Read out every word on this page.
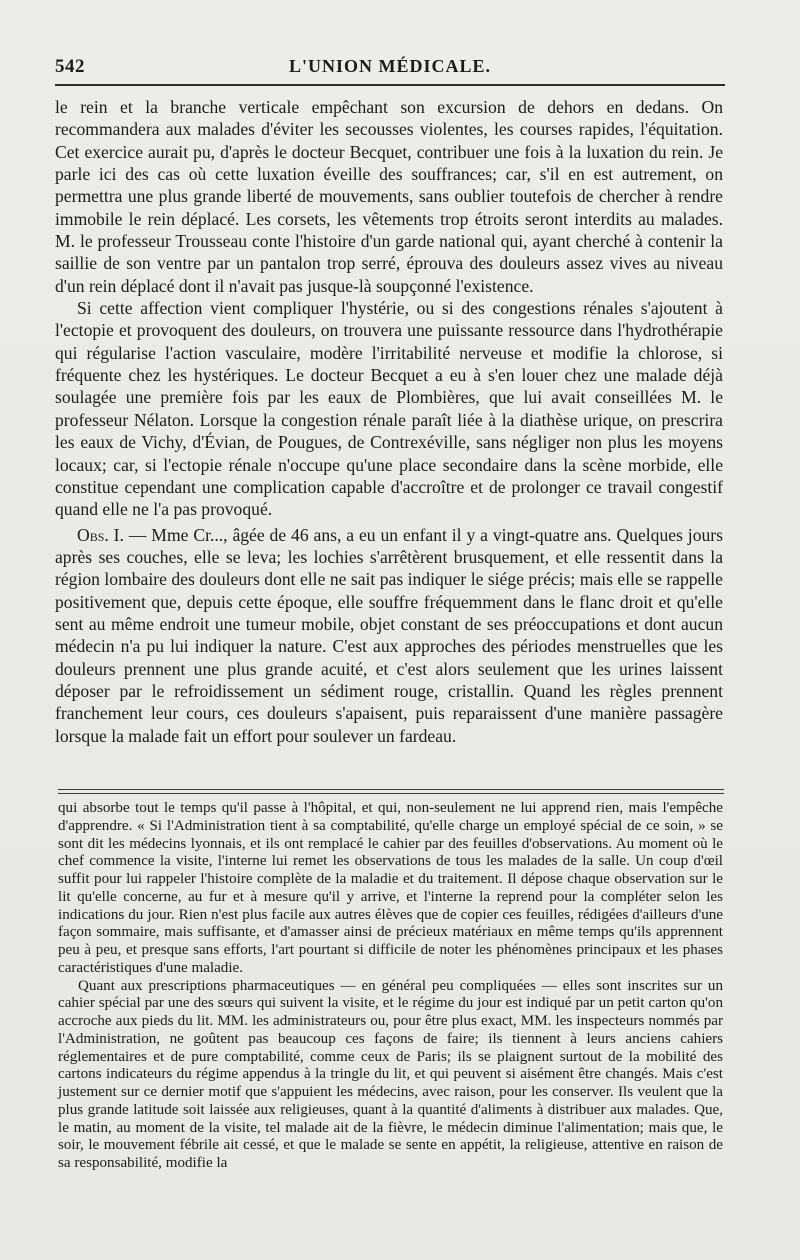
542	L'UNION MÉDICALE.

le rein et la branche verticale empêchant son excursion de dehors en dedans. On recommandera aux malades d'éviter les secousses violentes, les courses rapides, l'équitation. Cet exercice aurait pu, d'après le docteur Becquet, contribuer une fois à la luxation du rein. Je parle ici des cas où cette luxation éveille des souffrances; car, s'il en est autrement, on permettra une plus grande liberté de mouvements, sans oublier toutefois de chercher à rendre immobile le rein déplacé. Les corsets, les vêtements trop étroits seront interdits au malades. M. le professeur Trousseau conte l'histoire d'un garde national qui, ayant cherché à contenir la saillie de son ventre par un pantalon trop serré, éprouva des douleurs assez vives au niveau d'un rein déplacé dont il n'avait pas jusque-là soupçonné l'existence.

Si cette affection vient compliquer l'hystérie, ou si des congestions rénales s'ajoutent à l'ectopie et provoquent des douleurs, on trouvera une puissante ressource dans l'hydrothérapie qui régularise l'action vasculaire, modère l'irritabilité nerveuse et modifie la chlorose, si fréquente chez les hystériques. Le docteur Becquet a eu à s'en louer chez une malade déjà soulagée une première fois par les eaux de Plombières, que lui avait conseillées M. le professeur Nélaton. Lorsque la congestion rénale paraît liée à la diathèse urique, on prescrira les eaux de Vichy, d'Évian, de Pougues, de Contrexéville, sans négliger non plus les moyens locaux; car, si l'ectopie rénale n'occupe qu'une place secondaire dans la scène morbide, elle constitue cependant une complication capable d'accroître et de prolonger ce travail congestif quand elle ne l'a pas provoqué.

Obs. I. — Mme Cr..., âgée de 46 ans, a eu un enfant il y a vingt-quatre ans. Quelques jours après ses couches, elle se leva; les lochies s'arrêtèrent brusquement, et elle ressentit dans la région lombaire des douleurs dont elle ne sait pas indiquer le siége précis; mais elle se rappelle positivement que, depuis cette époque, elle souffre fréquemment dans le flanc droit et qu'elle sent au même endroit une tumeur mobile, objet constant de ses préoccupations et dont aucun médecin n'a pu lui indiquer la nature. C'est aux approches des périodes menstruelles que les douleurs prennent une plus grande acuité, et c'est alors seulement que les urines laissent déposer par le refroidissement un sédiment rouge, cristallin. Quand les règles prennent franchement leur cours, ces douleurs s'apaisent, puis reparaissent d'une manière passagère lorsque la malade fait un effort pour soulever un fardeau.

qui absorbe tout le temps qu'il passe à l'hôpital, et qui, non-seulement ne lui apprend rien, mais l'empêche d'apprendre. « Si l'Administration tient à sa comptabilité, qu'elle charge un employé spécial de ce soin, » se sont dit les médecins lyonnais, et ils ont remplacé le cahier par des feuilles d'observations. Au moment où le chef commence la visite, l'interne lui remet les observations de tous les malades de la salle. Un coup d'œil suffit pour lui rappeler l'histoire complète de la maladie et du traitement. Il dépose chaque observation sur le lit qu'elle concerne, au fur et à mesure qu'il y arrive, et l'interne la reprend pour la compléter selon les indications du jour. Rien n'est plus facile aux autres élèves que de copier ces feuilles, rédigées d'ailleurs d'une façon sommaire, mais suffisante, et d'amasser ainsi de précieux matériaux en même temps qu'ils apprennent peu à peu, et presque sans efforts, l'art pourtant si difficile de noter les phénomènes principaux et les phases caractéristiques d'une maladie.

Quant aux prescriptions pharmaceutiques — en général peu compliquées — elles sont inscrites sur un cahier spécial par une des sœurs qui suivent la visite, et le régime du jour est indiqué par un petit carton qu'on accroche aux pieds du lit. MM. les administrateurs ou, pour être plus exact, MM. les inspecteurs nommés par l'Administration, ne goûtent pas beaucoup ces façons de faire; ils tiennent à leurs anciens cahiers réglementaires et de pure comptabilité, comme ceux de Paris; ils se plaignent surtout de la mobilité des cartons indicateurs du régime appendus à la tringle du lit, et qui peuvent si aisément être changés. Mais c'est justement sur ce dernier motif que s'appuient les médecins, avec raison, pour les conserver. Ils veulent que la plus grande latitude soit laissée aux religieuses, quant à la quantité d'aliments à distribuer aux malades. Que, le matin, au moment de la visite, tel malade ait de la fièvre, le médecin diminue l'alimentation; mais que, le soir, le mouvement fébrile ait cessé, et que le malade se sente en appétit, la religieuse, attentive en raison de sa responsabilité, modifie la
